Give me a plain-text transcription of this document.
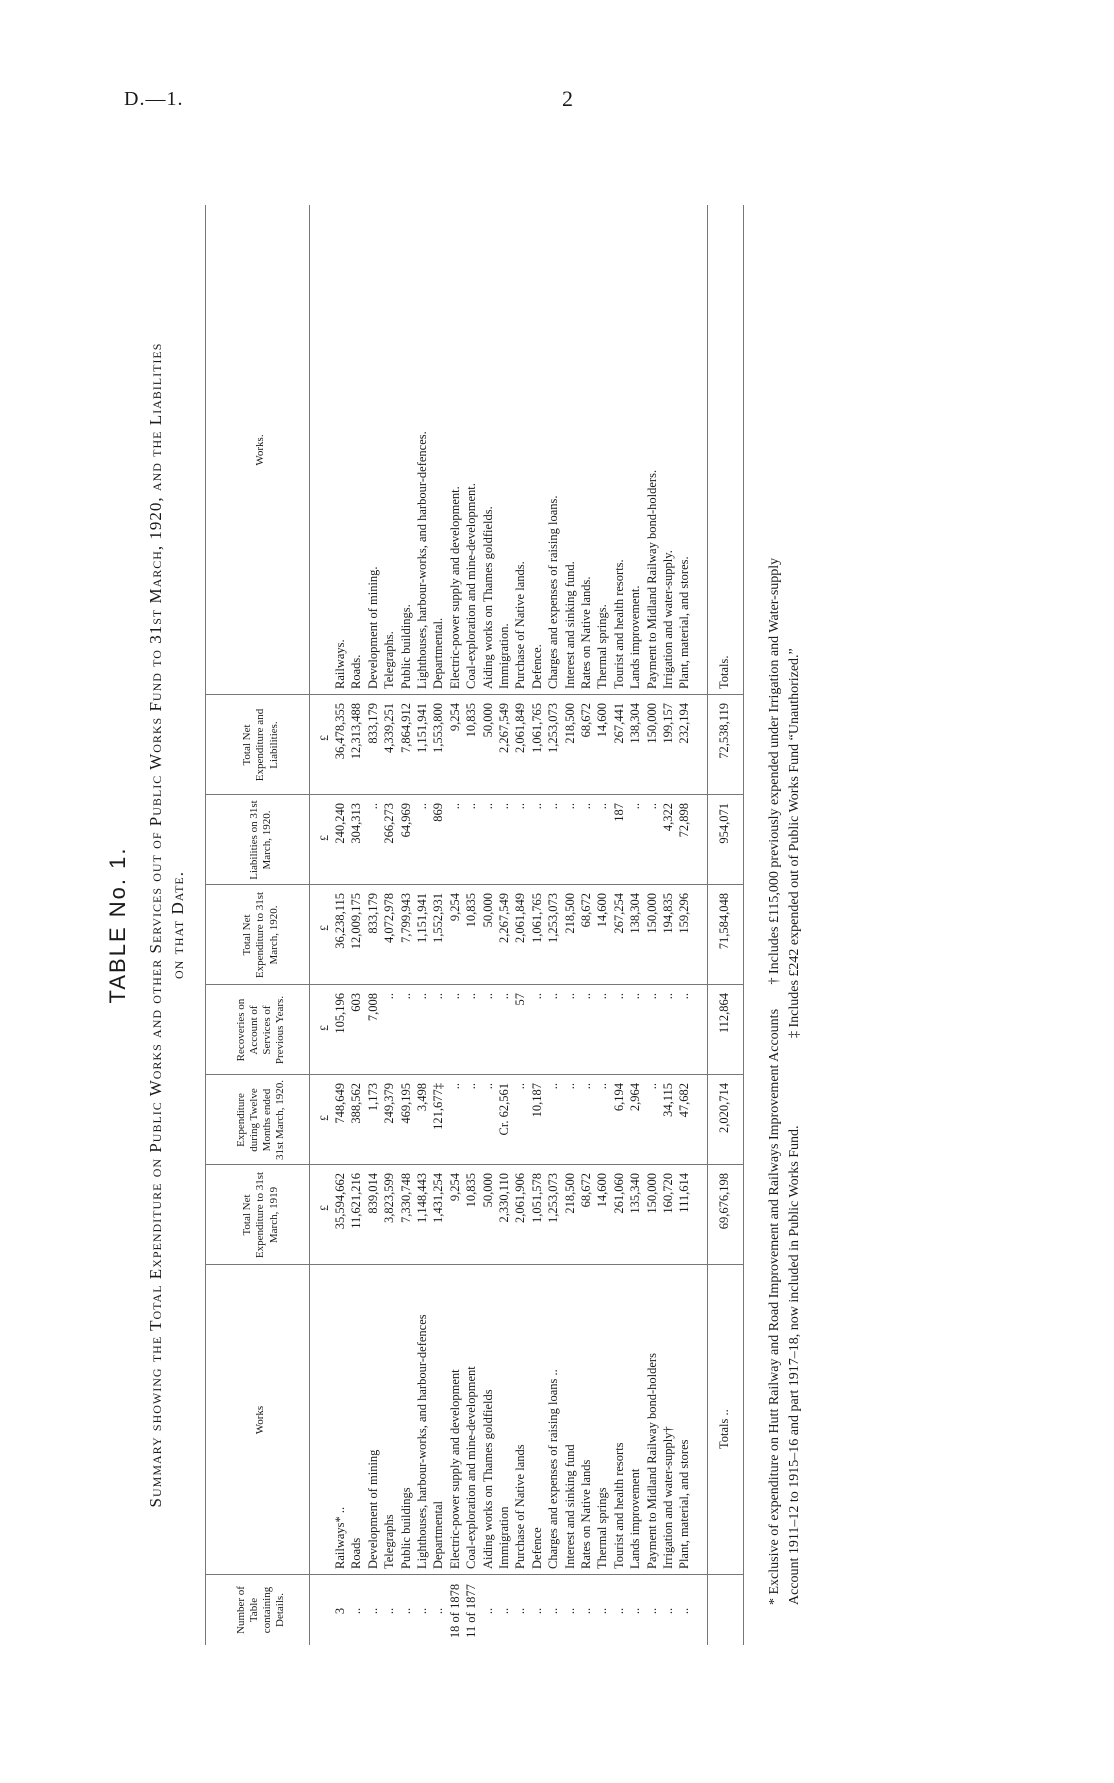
D.—1.	2
TABLE No. 1. Summary showing the Total Expenditure on Public Works and other Services out of Public Works Fund to 31st March, 1920, and the Liabilities on that Date.
Number of Table containing Details.
Works
Total Net Expenditure to 31st March, 1919
Expenditure during Twelve Months ended 31st March, 1920.
Recoveries on Account of Services of Previous Years.
Total Net Expenditure to 31st March, 1920.
Liabilities on 31st March, 1920.
Total Net Expenditure and Liabilities.
Works.
£
£
£
£
£
£
3
Railways* ..
35,594,662
748,649
105,196
36,238,115
240,240
36,478,355
Railways.
..
Roads
11,621,216
388,562
603
12,009,175
304,313
12,313,488
Roads.
..
Development of mining
839,014
1,173
7,008
833,179
..
833,179
Development of mining.
..
Telegraphs
3,823,599
249,379
..
4,072,978
266,273
4,339,251
Telegraphs.
..
Public buildings
7,330,748
469,195
..
7,799,943
64,969
7,864,912
Public buildings.
..
Lighthouses, harbour-works, and harbour-defences
1,148,443
3,498
..
1,151,941
..
1,151,941
Lighthouses, harbour-works, and harbour-defences.
..
Departmental
1,431,254
121,677‡
..
1,552,931
869
1,553,800
Departmental.
18 of 1878
Electric-power supply and development
9,254
..
..
9,254
..
9,254
Electric-power supply and development.
11 of 1877
Coal-exploration and mine-development
10,835
..
..
10,835
..
10,835
Coal-exploration and mine-development.
..
Aiding works on Thames goldfields
50,000
..
..
50,000
..
50,000
Aiding works on Thames goldfields.
..
Immigration
2,330,110
Cr. 62,561
..
2,267,549
..
2,267,549
Immigration.
..
Purchase of Native lands
2,061,906
..
57
2,061,849
..
2,061,849
Purchase of Native lands.
..
Defence
1,051,578
10,187
..
1,061,765
..
1,061,765
Defence.
..
Charges and expenses of raising loans ..
1,253,073
..
..
1,253,073
..
1,253,073
Charges and expenses of raising loans.
..
Interest and sinking fund
218,500
..
..
218,500
..
218,500
Interest and sinking fund.
..
Rates on Native lands
68,672
..
..
68,672
..
68,672
Rates on Native lands.
..
Thermal springs
14,600
..
..
14,600
..
14,600
Thermal springs.
..
Tourist and health resorts
261,060
6,194
..
267,254
187
267,441
Tourist and health resorts.
..
Lands improvement
135,340
2,964
..
138,304
..
138,304
Lands improvement.
..
Payment to Midland Railway bond-holders
150,000
..
..
150,000
..
150,000
Payment to Midland Railway bond-holders.
..
Irrigation and water-supply†
160,720
34,115
..
194,835
4,322
199,157
Irrigation and water-supply.
..
Plant, material, and stores
111,614
47,682
..
159,296
72,898
232,194
Plant, material, and stores.
Totals ..
69,676,198
2,020,714
112,864
71,584,048
954,071
72,538,119
Totals.	* Exclusive of expenditure on Hutt Railway and Road Improvement and Railways Improvement Accounts       † Includes £115,000 previously expended under Irrigation and Water-supply Account 1911–12 to 1915–16 and part 1917–18, now included in Public Works Fund.                         ‡ Includes £242 expended out of Public Works Fund “Unauthorized.”
